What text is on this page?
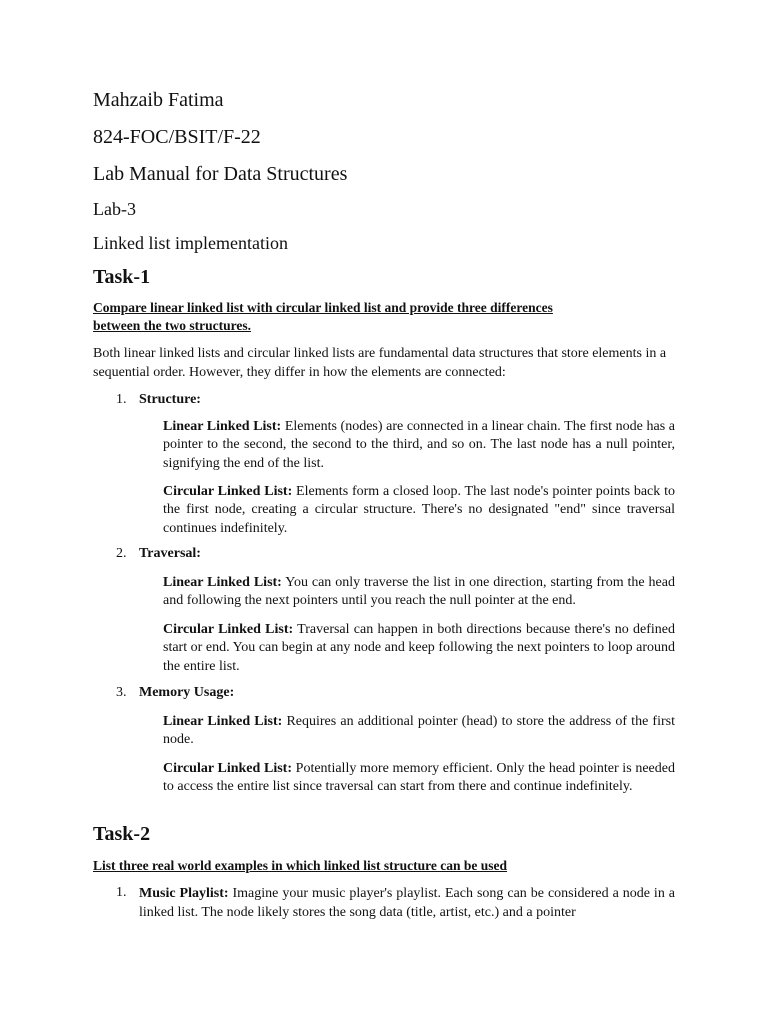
Mahzaib Fatima

824-FOC/BSIT/F-22

Lab Manual for Data Structures

Lab-3

Linked list implementation

Task-1

Compare linear linked list with circular linked list and provide three differences

between the two structures.

Both linear linked lists and circular linked lists are fundamental data structures that store elements in a sequential order. However, they differ in how the elements are connected:

1. Structure:

Linear Linked List: Elements (nodes) are connected in a linear chain. The first node has a pointer to the second, the second to the third, and so on. The last node has a null pointer, signifying the end of the list.

Circular Linked List: Elements form a closed loop. The last node's pointer points back to the first node, creating a circular structure. There's no designated "end" since traversal continues indefinitely.

2. Traversal:

Linear Linked List: You can only traverse the list in one direction, starting from the head and following the next pointers until you reach the null pointer at the end.

Circular Linked List: Traversal can happen in both directions because there's no defined start or end. You can begin at any node and keep following the next pointers to loop around the entire list.

3. Memory Usage:

Linear Linked List: Requires an additional pointer (head) to store the address of the first node.

Circular Linked List: Potentially more memory efficient. Only the head pointer is needed to access the entire list since traversal can start from there and continue indefinitely.

Task-2

List three real world examples in which linked list structure can be used

1. Music Playlist: Imagine your music player's playlist. Each song can be considered a node in a linked list. The node likely stores the song data (title, artist, etc.) and a pointer
